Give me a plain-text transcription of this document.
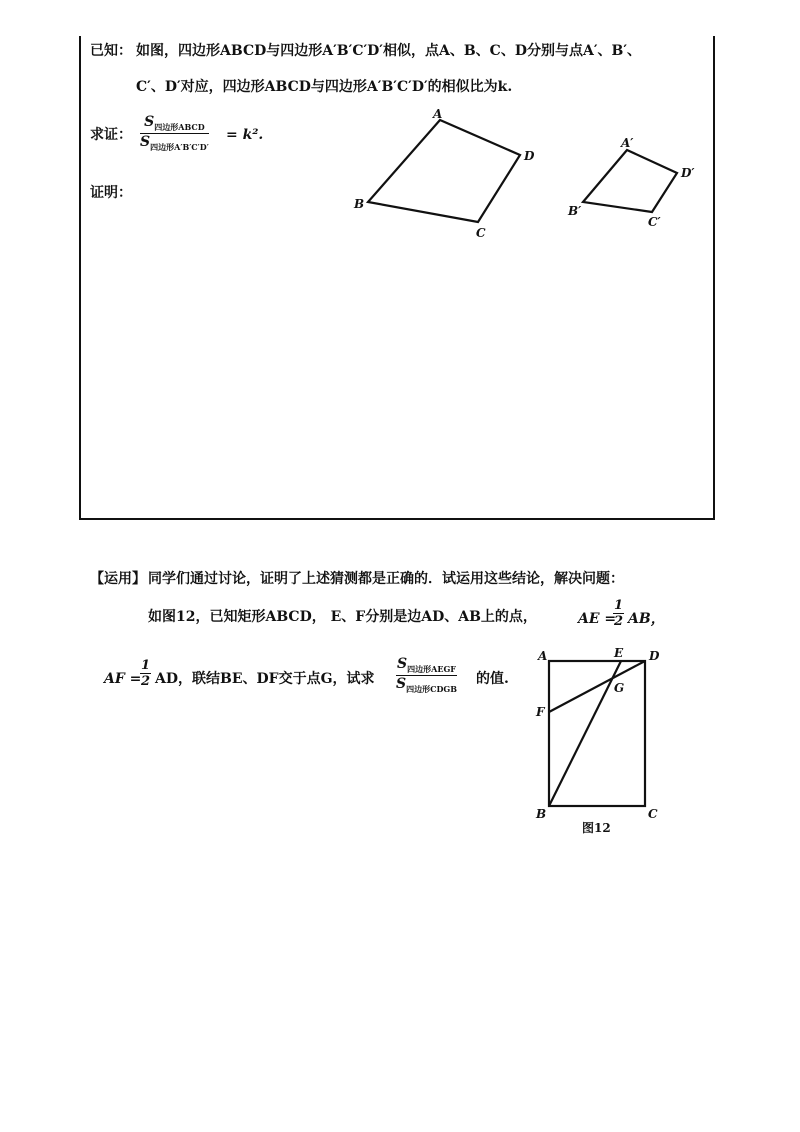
已知： 如图，四边形ABCD与四边形A′B′C′D′相似，点A、B、C、D分别与点A′、B′、
C′、D′对应，四边形ABCD与四边形A′B′C′D′的相似比为k.
求证：
$S_{四边形ABCD}$
$S_{四边形A'B'C'D'}$
= k².
证明：
A
D
C
B
A′
D′
C′
B′
【运用】 同学们通过讨论，证明了上述猜测都是正确的．试运用这些结论，解决问题：
如图12，已知矩形ABCD， E、F分别是边AD、AB上的点，	AE =
1
2 AB，
AF =
1
2 AD，联结BE、DF交于点G，试求
$S_{四边形AEGF}$
$S_{四边形CDGB}$
的值.
A	E D
F
G
B	C
图12
